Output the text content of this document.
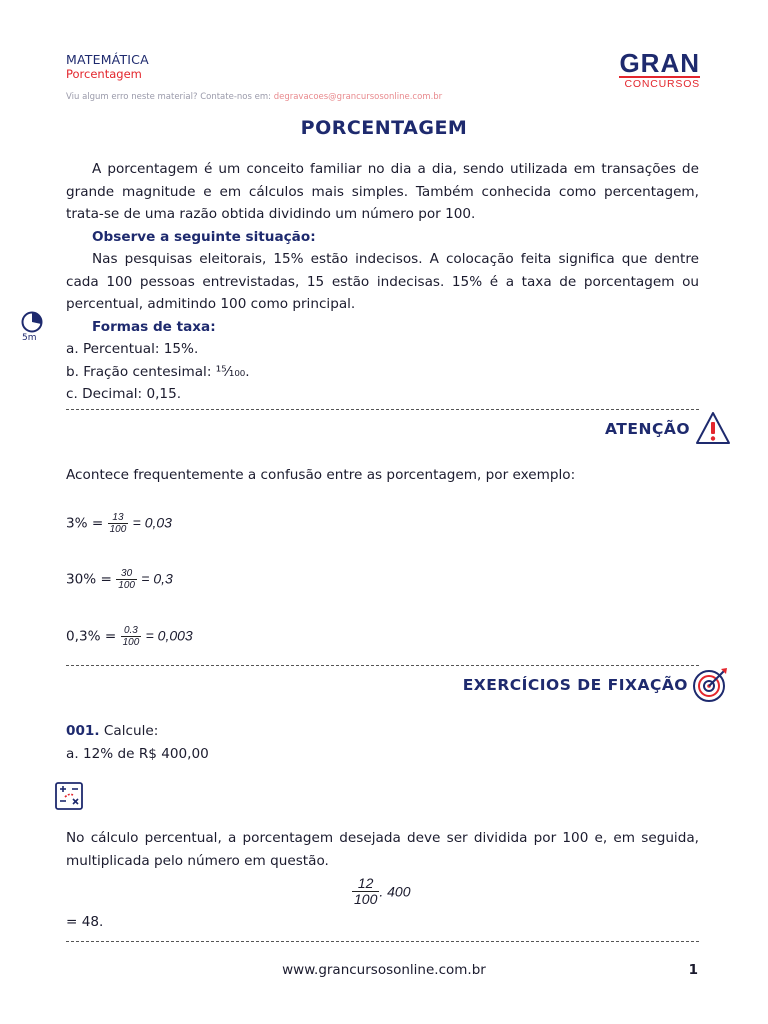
MATEMÁTICA
Porcentagem	GRAN
CONCURSOS
Viu algum erro neste material? Contate-nos em: degravacoes@grancursosonline.com.br
PORCENTAGEM
5m

A porcentagem é um conceito familiar no dia a dia, sendo utilizada em transações de grande magnitude e em cálculos mais simples. Também conhecida como percentagem, trata-se de uma razão obtida dividindo um número por 100.

Observe a seguinte situação:

Nas pesquisas eleitorais, 15% estão indecisos. A colocação feita significa que dentre cada 100 pessoas entrevistadas, 15 estão indecisas. 15% é a taxa de porcentagem ou percentual, admitindo 100 como principal.

Formas de taxa:

a. Percentual: 15%.

b. Fração centesimal: ¹⁵⁄₁₀₀.

c. Decimal: 0,15.

ATENÇÃO
Acontece frequentemente a confusão entre as porcentagem, por exemplo:
$3\% = \frac{13}{100} = 0,03$
$30\% = \frac{30}{100} = 0,3$
$0,3\% = \frac{0.3}{100} = 0,003$
EXERCÍCIOS DE FIXAÇÃO

001. Calcule:

a. 12% de R$ 400,00

No cálculo percentual, a porcentagem desejada deve ser dividida por 100 e, em seguida, multiplicada pelo número em questão.
$\frac{12}{100}$ . 400
= 48.
www.grancursosonline.com.br	1
